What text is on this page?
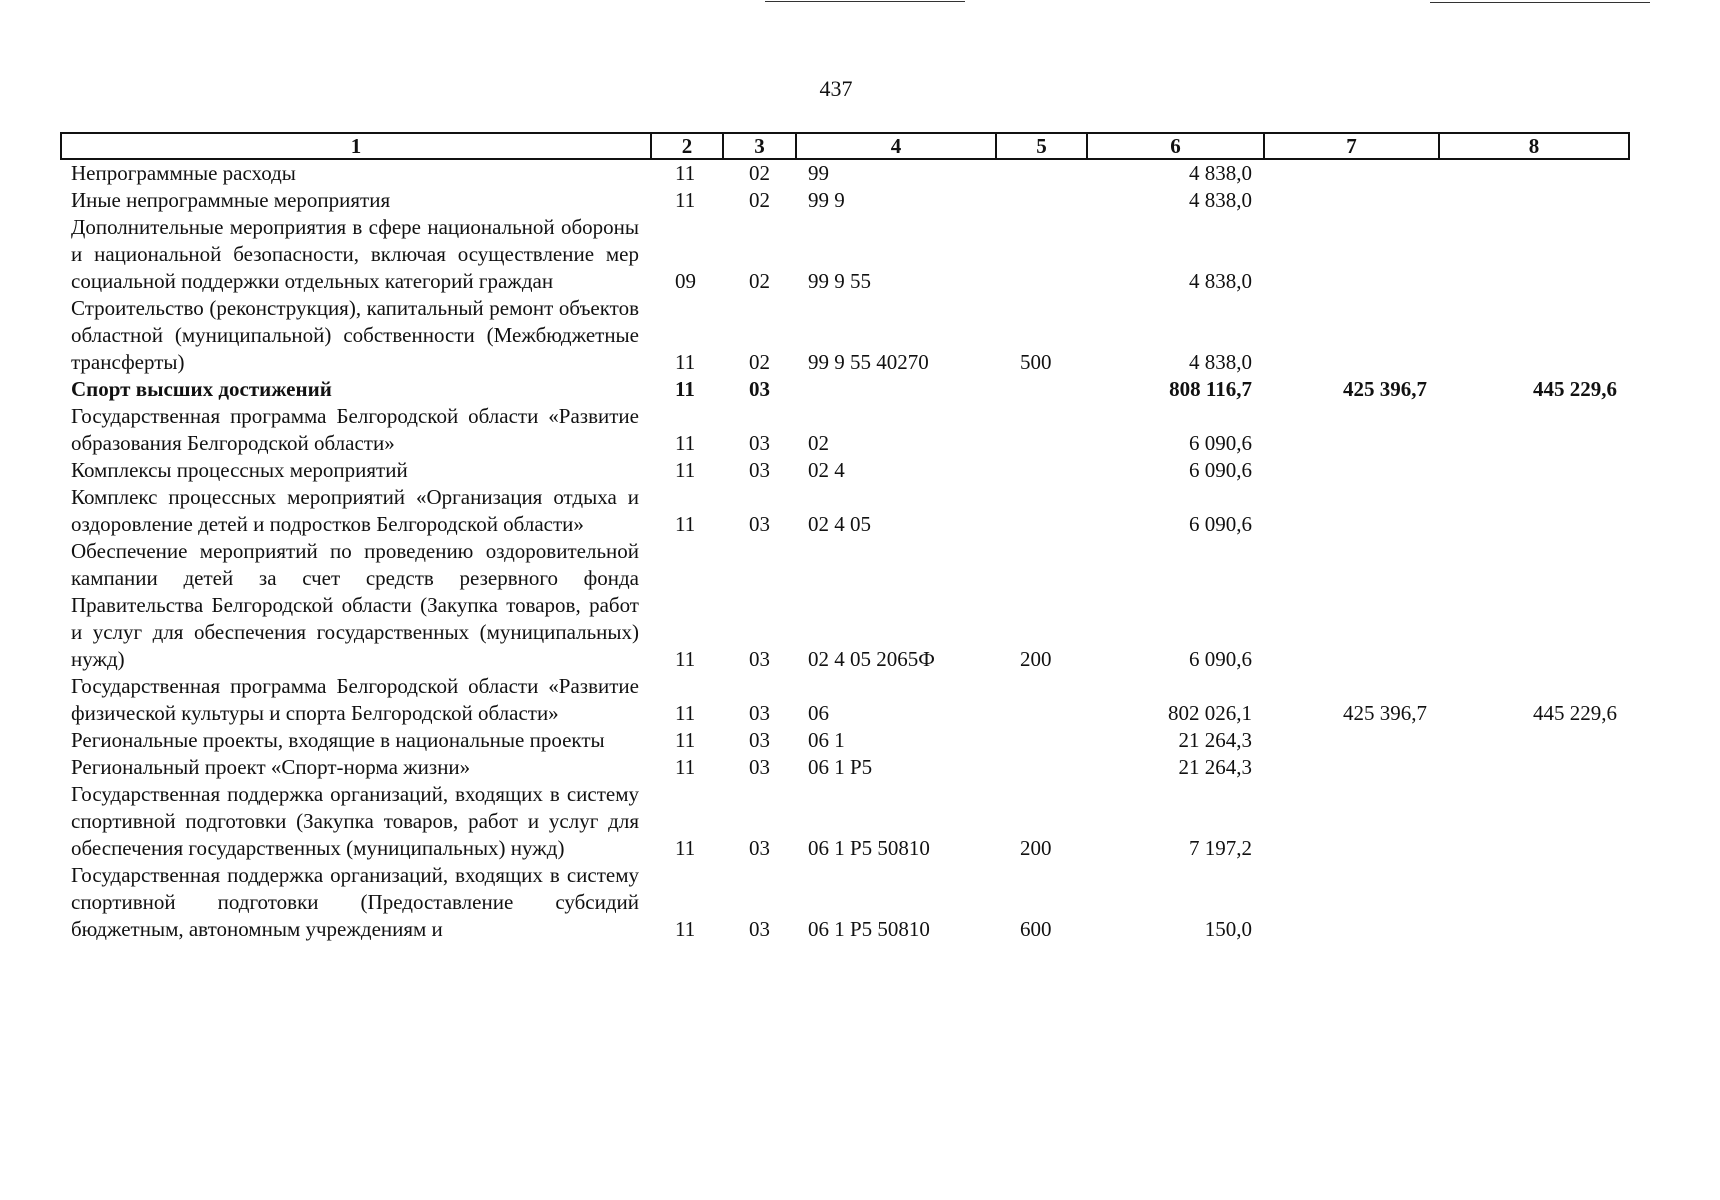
437
1	2	3	4	5	6	7	8
Непрограммные расходы	11	02	99		4 838,0		
Иные непрограммные мероприятия	11	02	99 9		4 838,0		
Дополнительные мероприятия в сфере национальной обороны и национальной безопасности, включая осуществление мер социальной поддержки отдельных категорий граждан	09	02	99 9 55		4 838,0		
Строительство (реконструкция), капитальный ремонт объектов областной (муниципальной) собственности (Межбюджетные трансферты)	11	02	99 9 55 40270	500	4 838,0		
Спорт высших достижений	11	03			808 116,7	425 396,7	445 229,6
Государственная программа Белгородской области «Развитие образования Белгородской области»	11	03	02		6 090,6		
Комплексы процессных мероприятий	11	03	02 4		6 090,6		
Комплекс процессных мероприятий «Организация отдыха и оздоровление детей и подростков Белгородской области»	11	03	02 4 05		6 090,6		
Обеспечение мероприятий по проведению оздоровительной кампании детей за счет средств резервного фонда Правительства Белгородской области (Закупка товаров, работ и услуг для обеспечения государственных (муниципальных) нужд)	11	03	02 4 05 2065Ф	200	6 090,6		
Государственная программа Белгородской области «Развитие физической культуры и спорта Белгородской области»	11	03	06		802 026,1	425 396,7	445 229,6
Региональные проекты, входящие в национальные проекты	11	03	06 1		21 264,3		
Региональный проект «Спорт-норма жизни»	11	03	06 1 Р5		21 264,3		
Государственная поддержка организаций, входящих в систему спортивной подготовки (Закупка товаров, работ и услуг для обеспечения государственных (муниципальных) нужд)	11	03	06 1 Р5 50810	200	7 197,2		
Государственная поддержка организаций, входящих в систему спортивной подготовки (Предоставление субсидий бюджетным, автономным учреждениям и	11	03	06 1 Р5 50810	600	150,0		
